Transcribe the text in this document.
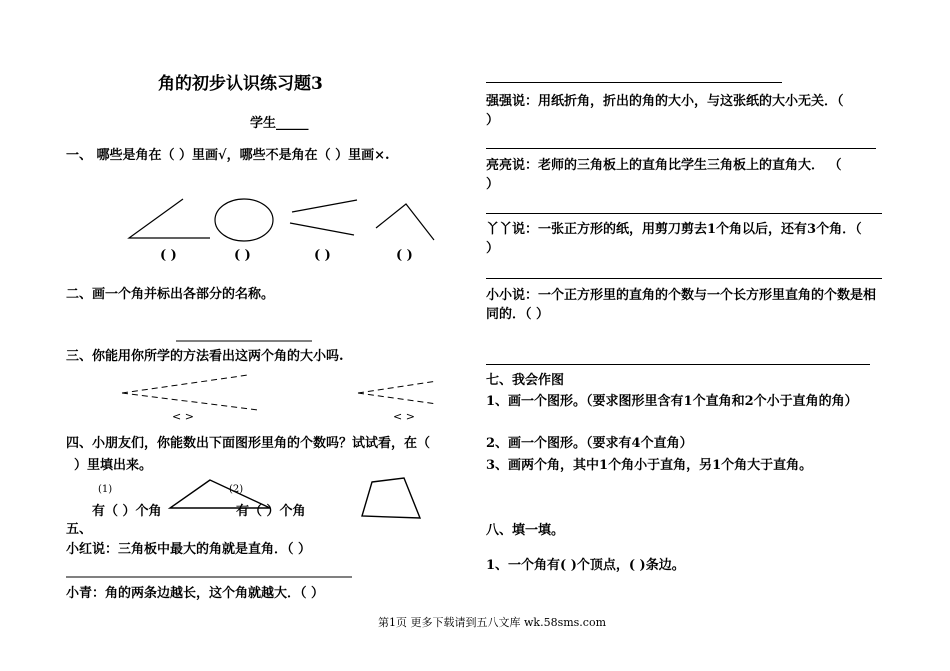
角的初步认识练习题3
学生_____
一、 哪些是角在（ ）里画√，哪些不是角在（ ）里画×.
< >	< >
( )	( )	( )	( )
二、画一个角并标出各部分的名称。
三、你能用你所学的方法看出这两个角的大小吗.
四、小朋友们，你能数出下面图形里角的个数吗？试试看，在（
）里填出来。
(1)	(2)
有（ ）个角	有（ ）个角
五、
小红说：三角板中最大的角就是直角．（ ）
小青：角的两条边越长，这个角就越大．（ ）
强强说：用纸折角，折出的角的大小，与这张纸的大小无关．（
）
亮亮说：老师的三角板上的直角比学生三角板上的直角大． （
）
丫丫说：一张正方形的纸，用剪刀剪去1个角以后，还有3个角．（
）
小小说：一个正方形里的直角的个数与一个长方形里直角的个数是相
同的．（ ）
七、我会作图
1、画一个图形。（要求图形里含有1个直角和2个小于直角的角）
2、画一个图形。（要求有4个直角）
3、画两个角，其中1个角小于直角，另1个角大于直角。
八、填一填。
1、一个角有( )个顶点，( )条边。
第1页 更多下载请到五八文库 wk.58sms.com
